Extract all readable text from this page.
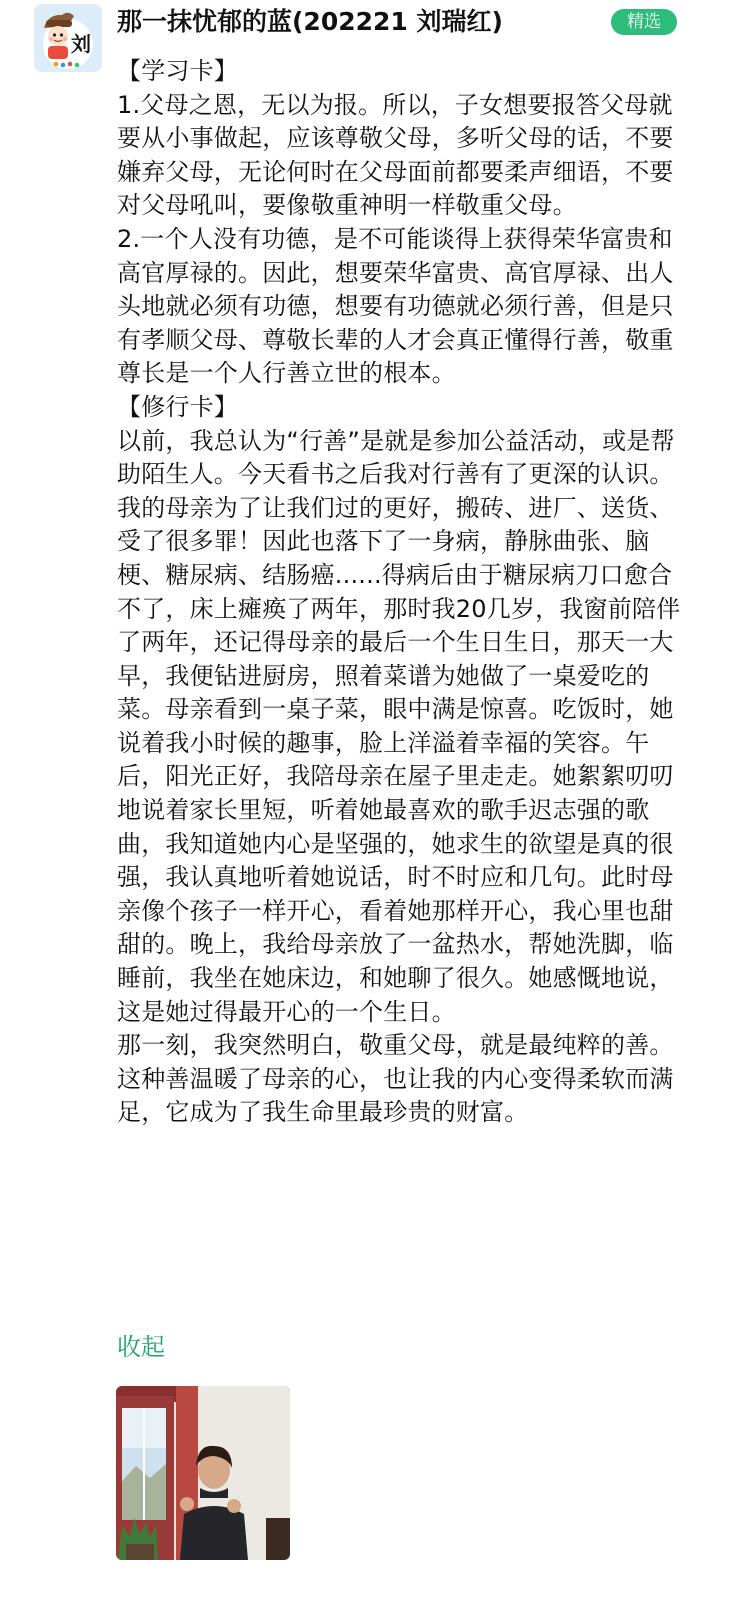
刘
那一抹忧郁的蓝(202221 刘瑞红)	精选

【学习卡】

1.父母之恩，无以为报。所以，子女想要报答父母就要从小事做起，应该尊敬父母，多听父母的话，不要嫌弃父母，无论何时在父母面前都要柔声细语，不要对父母吼叫，要像敬重神明一样敬重父母。

2.一个人没有功德，是不可能谈得上获得荣华富贵和高官厚禄的。因此，想要荣华富贵、高官厚禄、出人头地就必须有功德，想要有功德就必须行善，但是只有孝顺父母、尊敬长辈的人才会真正懂得行善，敬重尊长是一个人行善立世的根本。

【修行卡】

以前，我总认为“行善”是就是参加公益活动，或是帮助陌生人。今天看书之后我对行善有了更深的认识。

我的母亲为了让我们过的更好，搬砖、进厂、送货、受了很多罪！因此也落下了一身病，静脉曲张、脑梗、糖尿病、结肠癌......得病后由于糖尿病刀口愈合不了，床上瘫痪了两年，那时我20几岁，我窗前陪伴了两年，还记得母亲的最后一个生日生日，那天一大早，我便钻进厨房，照着菜谱为她做了一桌爱吃的菜。母亲看到一桌子菜，眼中满是惊喜。吃饭时，她说着我小时候的趣事，脸上洋溢着幸福的笑容。午后，阳光正好，我陪母亲在屋子里走走。她絮絮叨叨地说着家长里短，听着她最喜欢的歌手迟志强的歌曲，我知道她内心是坚强的，她求生的欲望是真的很强，我认真地听着她说话，时不时应和几句。此时母亲像个孩子一样开心，看着她那样开心，我心里也甜甜的。晚上，我给母亲放了一盆热水，帮她洗脚，临睡前，我坐在她床边，和她聊了很久。她感慨地说，这是她过得最开心的一个生日。

那一刻，我突然明白，敬重父母，就是最纯粹的善。这种善温暖了母亲的心，也让我的内心变得柔软而满足，它成为了我生命里最珍贵的财富。

收起
